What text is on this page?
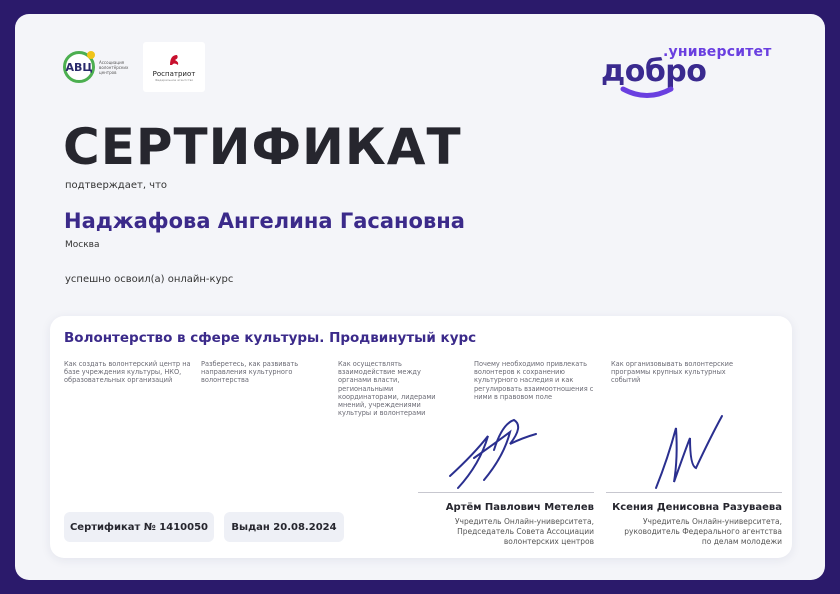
АВЦ Ассоциация волонтёрских центров	Роспатриот
Федеральное агентство
.университет
добро
СЕРТИФИКАТ
подтверждает, что
Наджафова Ангелина Гасановна
Москва
успешно освоил(а) онлайн-курс
Волонтерство в сфере культуры. Продвинутый курс
Как создать волонтерский центр на базе учреждения культуры, НКО, образовательных организаций
Разберетесь, как развивать направления культурного волонтерства
Как осуществлять взаимодействие между органами власти, региональными координаторами, лидерами мнений, учреждениями культуры и волонтерами
Почему необходимо привлекать волонтеров к сохранению культурного наследия и как регулировать взаимоотношения с ними в правовом поле
Как организовывать волонтерские программы крупных культурных событий
Артём Павлович Метелев
Учредитель Онлайн-университета,
Председатель Совета Ассоциации
волонтерских центров
Ксения Денисовна Разуваева
Учредитель Онлайн-университета,
руководитель Федерального агентства
по делам молодежи
Сертификат № 1410050	Выдан 20.08.2024
